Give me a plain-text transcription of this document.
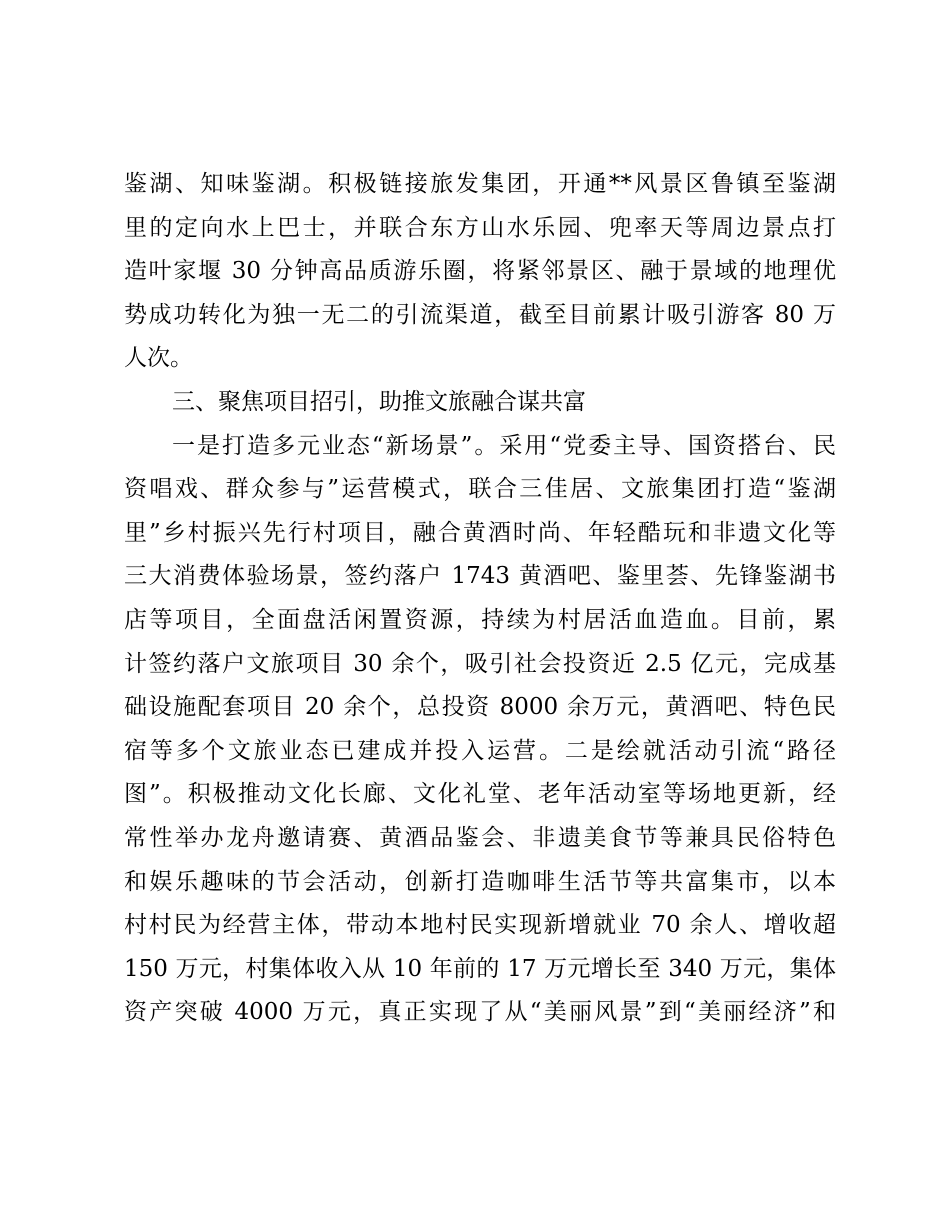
鉴湖、知味鉴湖。积极链接旅发集团，开通**风景区鲁镇至鉴湖
里的定向水上巴士，并联合东方山水乐园、兜率天等周边景点打
造叶家堰 30 分钟高品质游乐圈，将紧邻景区、融于景域的地理优
势成功转化为独一无二的引流渠道，截至目前累计吸引游客 80 万
人次。
三、聚焦项目招引，助推文旅融合谋共富
一是打造多元业态“新场景”。采用“党委主导、国资搭台、民
资唱戏、群众参与”运营模式，联合三佳居、文旅集团打造“鉴湖
里”乡村振兴先行村项目，融合黄酒时尚、年轻酷玩和非遗文化等
三大消费体验场景，签约落户 1743 黄酒吧、鉴里荟、先锋鉴湖书
店等项目，全面盘活闲置资源，持续为村居活血造血。目前，累
计签约落户文旅项目 30 余个，吸引社会投资近 2.5 亿元，完成基
础设施配套项目 20 余个，总投资 8000 余万元，黄酒吧、特色民
宿等多个文旅业态已建成并投入运营。二是绘就活动引流“路径
图”。积极推动文化长廊、文化礼堂、老年活动室等场地更新，经
常性举办龙舟邀请赛、黄酒品鉴会、非遗美食节等兼具民俗特色
和娱乐趣味的节会活动，创新打造咖啡生活节等共富集市，以本
村村民为经营主体，带动本地村民实现新增就业 70 余人、增收超
150 万元，村集体收入从 10 年前的 17 万元增长至 340 万元，集体
资产突破 4000 万元，真正实现了从“美丽风景”到“美丽经济”和
